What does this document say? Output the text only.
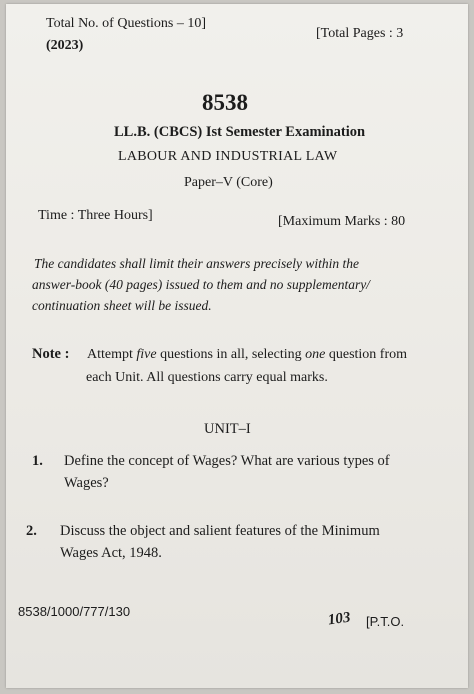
Total No. of Questions – 10]
(2023)
[Total Pages : 3
8538
LL.B. (CBCS) Ist Semester Examination
LABOUR AND INDUSTRIAL LAW
Paper–V (Core)
Time : Three Hours]	[Maximum Marks : 80
The candidates shall limit their answers precisely within the
answer-book (40 pages) issued to them and no supplementary/
continuation sheet will be issued.
Note : Attempt five questions in all, selecting one question from
each Unit. All questions carry equal marks.
UNIT–I
1. Define the concept of Wages? What are various types of
Wages?
2. Discuss the object and salient features of the Minimum
Wages Act, 1948.
8538/1000/777/130	103 [P.T.O.
